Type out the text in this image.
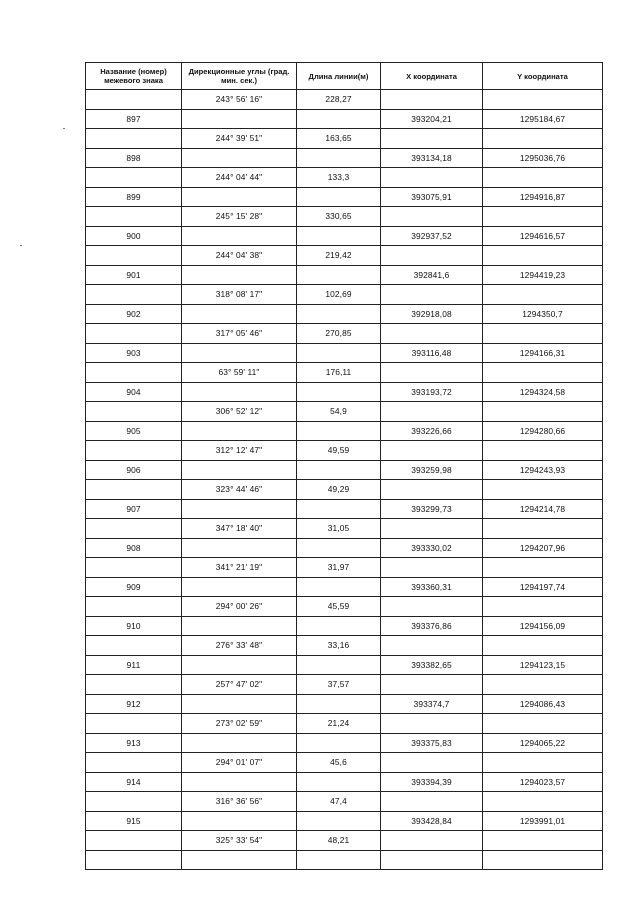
Название (номер) межевого знака	Дирекционные углы (град. мин. сек.)	Длина линии(м)	X координата	Y координата
	243° 56' 16"	228,27		
897			393204,21	1295184,67
	244° 39' 51"	163,65		
898			393134,18	1295036,76
	244° 04' 44"	133,3		
899			393075,91	1294916,87
	245° 15' 28"	330,65		
900			392937,52	1294616,57
	244° 04' 38"	219,42		
901			392841,6	1294419,23
	318° 08' 17"	102,69		
902			392918,08	1294350,7
	317° 05' 46"	270,85		
903			393116,48	1294166,31
	63° 59' 11"	176,11		
904			393193,72	1294324,58
	306° 52' 12"	54,9		
905			393226,66	1294280,66
	312° 12' 47"	49,59		
906			393259,98	1294243,93
	323° 44' 46"	49,29		
907			393299,73	1294214,78
	347° 18' 40"	31,05		
908			393330,02	1294207,96
	341° 21' 19"	31,97		
909			393360,31	1294197,74
	294° 00' 26"	45,59		
910			393376,86	1294156,09
	276° 33' 48"	33,16		
911			393382,65	1294123,15
	257° 47' 02"	37,57		
912			393374,7	1294086,43
	273° 02' 59"	21,24		
913			393375,83	1294065,22
	294° 01' 07"	45,6		
914			393394,39	1294023,57
	316° 36' 56"	47,4		
915			393428,84	1293991,01
	325° 33' 54"	48,21		
